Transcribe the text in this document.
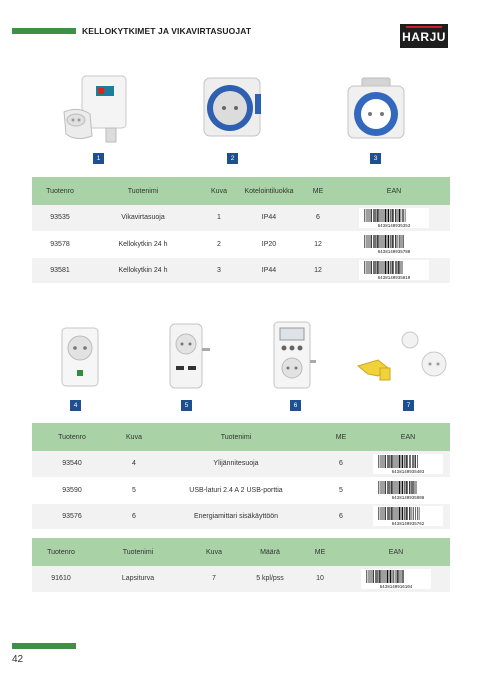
KELLOKYTKIMET JA VIKAVIRTASUOJAT	HARJU
1	2	3
Tuotenro	Tuotenimi	Kuva	Kotelointiluokka	ME	EAN
93535	Vikavirtasuoja	1	IP44	6	6438140935353

93578	Kellokytkin 24 h	2	IP20	12	6438140935780

93581	Kellokytkin 24 h	3	IP44	12	6438140935810
4	5	6	7
Tuotenro	Kuva	Tuotenimi	ME	EAN
93540	4	Ylijännitesuoja	6	6438140935403

93590	5	USB-laturi 2.4 A 2 USB-porttia	5	6438140935908

93576	6	Energiamittari sisäkäyttöön	6	6438140935762
Tuotenro	Tuotenimi	Kuva	Määrä	ME	EAN
91610	Lapsiturva	7	5 kpl/pss	10	6438140916104
42
